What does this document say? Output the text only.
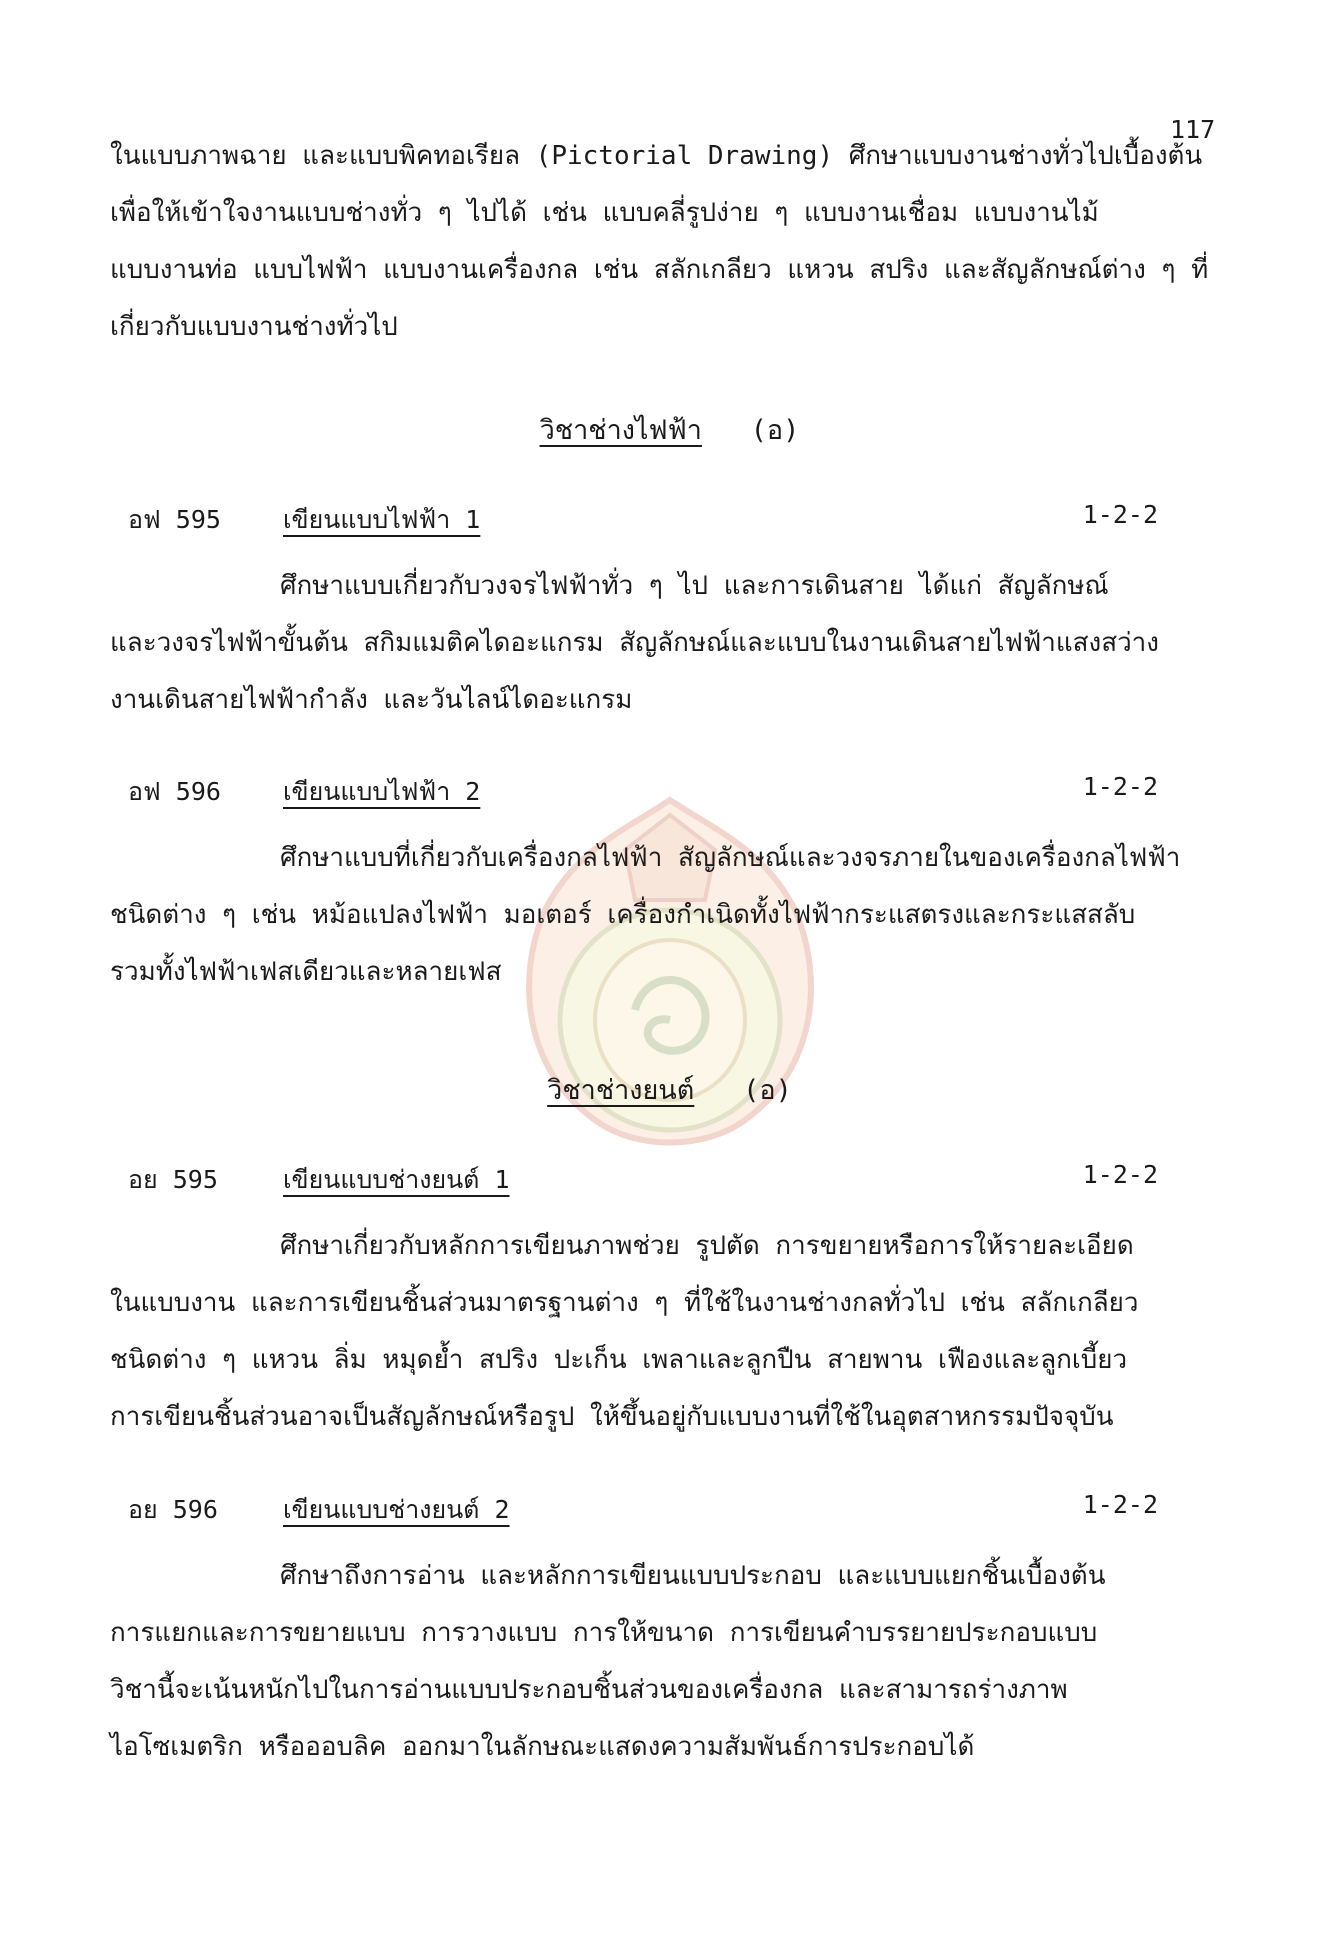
117

ในแบบภาพฉาย และแบบพิคทอเรียล (Pictorial Drawing) ศึกษาแบบงานช่างทั่วไปเบื้องต้น

เพื่อให้เข้าใจงานแบบช่างทั่ว ๆ ไปได้ เช่น แบบคลี่รูปง่าย ๆ แบบงานเชื่อม แบบงานไม้

แบบงานท่อ แบบไฟฟ้า แบบงานเครื่องกล เช่น สลักเกลียว แหวน สปริง และสัญลักษณ์ต่าง ๆ ที่

เกี่ยวกับแบบงานช่างทั่วไป

วิชาช่างไฟฟ้า (อ)
อฟ 595 เขียนแบบไฟฟ้า 1	1-2-2

ศึกษาแบบเกี่ยวกับวงจรไฟฟ้าทั่ว ๆ ไป และการเดินสาย ได้แก่ สัญลักษณ์

และวงจรไฟฟ้าขั้นต้น สกิมแมติคไดอะแกรม สัญลักษณ์และแบบในงานเดินสายไฟฟ้าแสงสว่าง

งานเดินสายไฟฟ้ากำลัง และวันไลน์ไดอะแกรม

อฟ 596 เขียนแบบไฟฟ้า 2	1-2-2

ศึกษาแบบที่เกี่ยวกับเครื่องกลไฟฟ้า สัญลักษณ์และวงจรภายในของเครื่องกลไฟฟ้า

ชนิดต่าง ๆ เช่น หม้อแปลงไฟฟ้า มอเตอร์ เครื่องกำเนิดทั้งไฟฟ้ากระแสตรงและกระแสสลับ

รวมทั้งไฟฟ้าเฟสเดียวและหลายเฟส

วิชาช่างยนต์ (อ)
อย 595	เขียนแบบช่างยนต์ 1	1-2-2

ศึกษาเกี่ยวกับหลักการเขียนภาพช่วย รูปตัด การขยายหรือการให้รายละเอียด

ในแบบงาน และการเขียนชิ้นส่วนมาตรฐานต่าง ๆ ที่ใช้ในงานช่างกลทั่วไป เช่น สลักเกลียว

ชนิดต่าง ๆ แหวน ลิ่ม หมุดย้ำ สปริง ปะเก็น เพลาและลูกปืน สายพาน เฟืองและลูกเบี้ยว

การเขียนชิ้นส่วนอาจเป็นสัญลักษณ์หรือรูป ให้ขึ้นอยู่กับแบบงานที่ใช้ในอุตสาหกรรมปัจจุบัน

อย 596	เขียนแบบช่างยนต์ 2	1-2-2

ศึกษาถึงการอ่าน และหลักการเขียนแบบประกอบ และแบบแยกชิ้นเบื้องต้น

การแยกและการขยายแบบ การวางแบบ การให้ขนาด การเขียนคำบรรยายประกอบแบบ

วิชานี้จะเน้นหนักไปในการอ่านแบบประกอบชิ้นส่วนของเครื่องกล และสามารถร่างภาพ

ไอโซเมตริก หรือออบลิค ออกมาในลักษณะแสดงความสัมพันธ์การประกอบได้
